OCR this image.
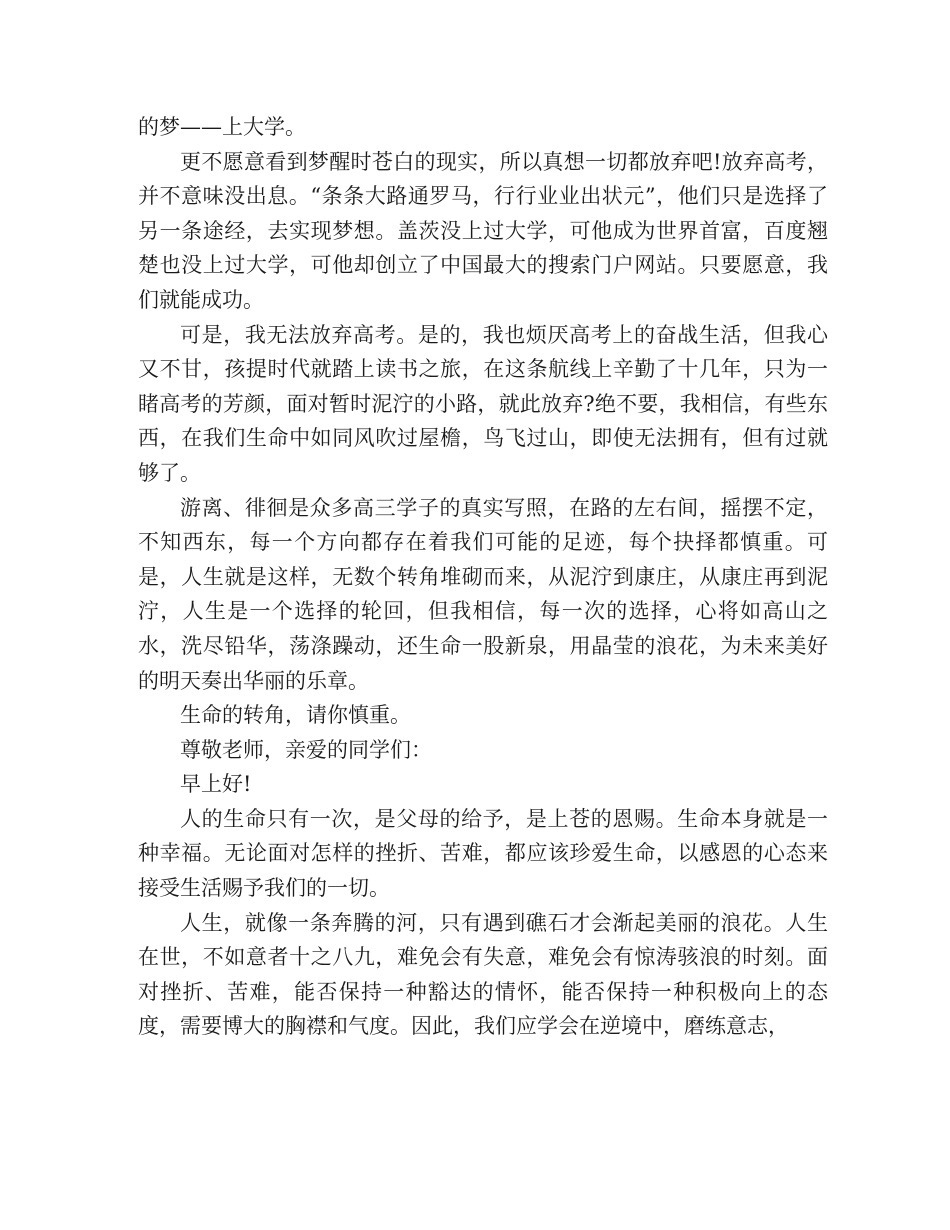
的梦——上大学。

更不愿意看到梦醒时苍白的现实，所以真想一切都放弃吧!放弃高考，并不意味没出息。“条条大路通罗马，行行业业出状元”，他们只是选择了另一条途经，去实现梦想。盖茨没上过大学，可他成为世界首富，百度翘楚也没上过大学，可他却创立了中国最大的搜索门户网站。只要愿意，我们就能成功。

可是，我无法放弃高考。是的，我也烦厌高考上的奋战生活，但我心又不甘，孩提时代就踏上读书之旅，在这条航线上辛勤了十几年，只为一睹高考的芳颜，面对暂时泥泞的小路，就此放弃?绝不要，我相信，有些东西，在我们生命中如同风吹过屋檐，鸟飞过山，即使无法拥有，但有过就够了。

游离、徘徊是众多高三学子的真实写照，在路的左右间，摇摆不定，不知西东，每一个方向都存在着我们可能的足迹，每个抉择都慎重。可是，人生就是这样，无数个转角堆砌而来，从泥泞到康庄，从康庄再到泥泞，人生是一个选择的轮回，但我相信，每一次的选择，心将如高山之水，洗尽铅华，荡涤躁动，还生命一股新泉，用晶莹的浪花，为未来美好的明天奏出华丽的乐章。

生命的转角，请你慎重。

尊敬老师，亲爱的同学们：

早上好!

人的生命只有一次，是父母的给予，是上苍的恩赐。生命本身就是一种幸福。无论面对怎样的挫折、苦难，都应该珍爱生命，以感恩的心态来接受生活赐予我们的一切。

人生，就像一条奔腾的河，只有遇到礁石才会渐起美丽的浪花。人生在世，不如意者十之八九，难免会有失意，难免会有惊涛骇浪的时刻。面对挫折、苦难，能否保持一种豁达的情怀，能否保持一种积极向上的态度，需要博大的胸襟和气度。因此，我们应学会在逆境中，磨练意志，
